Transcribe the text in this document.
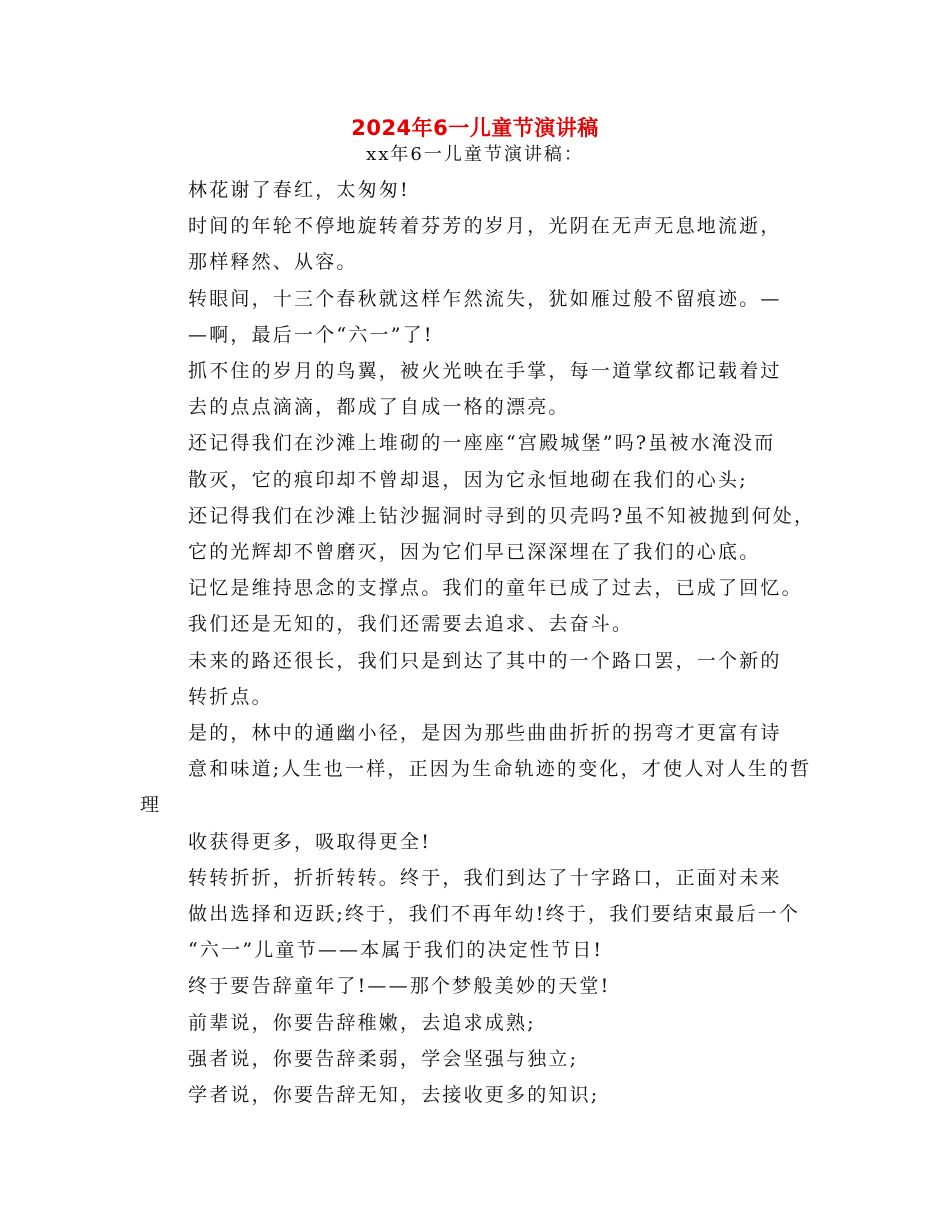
2024年6一儿童节演讲稿
xx年6一儿童节演讲稿：

林花谢了春红，太匆匆!

时间的年轮不停地旋转着芬芳的岁月，光阴在无声无息地流逝，
那样释然、从容。

转眼间，十三个春秋就这样乍然流失，犹如雁过般不留痕迹。—
—啊，最后一个“六一”了!

抓不住的岁月的鸟翼，被火光映在手掌，每一道掌纹都记载着过
去的点点滴滴，都成了自成一格的漂亮。

还记得我们在沙滩上堆砌的一座座“宫殿城堡”吗?虽被水淹没而
散灭，它的痕印却不曾却退，因为它永恒地砌在我们的心头;

还记得我们在沙滩上钻沙掘洞时寻到的贝壳吗?虽不知被抛到何处，
它的光辉却不曾磨灭，因为它们早已深深埋在了我们的心底。

记忆是维持思念的支撑点。我们的童年已成了过去，已成了回忆。
我们还是无知的，我们还需要去追求、去奋斗。

未来的路还很长，我们只是到达了其中的一个路口罢，一个新的
转折点。

是的，林中的通幽小径，是因为那些曲曲折折的拐弯才更富有诗
意和味道;人生也一样，正因为生命轨迹的变化，才使人对人生的哲理
收获得更多，吸取得更全!

转转折折，折折转转。终于，我们到达了十字路口，正面对未来
做出选择和迈跃;终于，我们不再年幼!终于，我们要结束最后一个
“六一”儿童节——本属于我们的决定性节日!

终于要告辞童年了!——那个梦般美妙的天堂!

前辈说，你要告辞稚嫩，去追求成熟;

强者说，你要告辞柔弱，学会坚强与独立;

学者说，你要告辞无知，去接收更多的知识;
